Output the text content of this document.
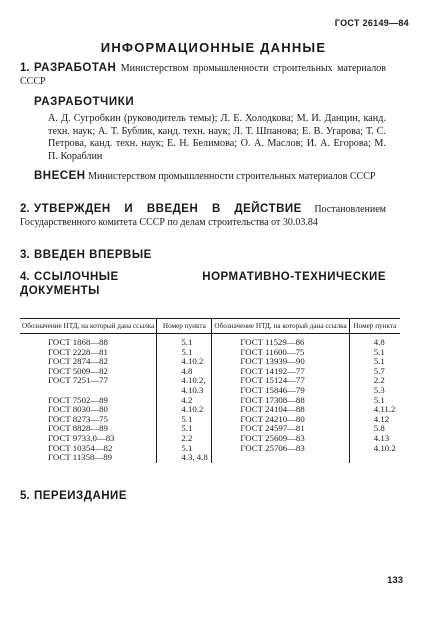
ГОСТ 26149—84
ИНФОРМАЦИОННЫЕ ДАННЫЕ
1. РАЗРАБОТАН Министерством промышленности строительных материалов СССР
РАЗРАБОТЧИКИ
А. Д. Сугробкин (руководитель темы); Л. Е. Холодкова; М. И. Данцин, канд. техн. наук; А. Т. Бублик, канд. техн. наук; Л. Т. Шпанова; Е. В. Угарова; Т. С. Петрова, канд. техн. наук; Е. Н. Белимова; О. А. Маслов; И. А. Егорова; М. П. Кораблин
ВНЕСЕН Министерством промышленности строительных материалов СССР
2. УТВЕРЖДЕН И ВВЕДЕН В ДЕЙСТВИЕ Постановлением Государственного комитета СССР по делам строительства от 30.03.84
3. ВВЕДЕН ВПЕРВЫЕ
4. ССЫЛОЧНЫЕ НОРМАТИВНО-ТЕХНИЧЕСКИЕ ДОКУМЕНТЫ
Обозначение НТД, на который дана ссылка	Номер пункта	Обозначение НТД, на который дана ссылка	Номер пункта
ГОСТ 1868—88	5.1	ГОСТ 11529—86	4.8
ГОСТ 2228—81	5.1	ГОСТ 11600—75	5.1
ГОСТ 2874—82	4.10.2	ГОСТ 13939—90	5.1
ГОСТ 5009—82	4.8	ГОСТ 14192—77	5.7
ГОСТ 7251—77	4.10.2,	ГОСТ 15124—77	2.2
	4.10.3	ГОСТ 15846—79	5.3
ГОСТ 7502—89	4.2	ГОСТ 17308—88	5.1
ГОСТ 8030—80	4.10.2	ГОСТ 24104—88	4.11.2
ГОСТ 8273—75	5.1	ГОСТ 24210—80	4.12
ГОСТ 8828—89	5.1	ГОСТ 24597—81	5.8
ГОСТ 9733.0—83	2.2	ГОСТ 25609—83	4.13
ГОСТ 10354—82	5.1	ГОСТ 25706—83	4.10.2
ГОСТ 11358—89	4.3, 4.8		
5. ПЕРЕИЗДАНИЕ
133
